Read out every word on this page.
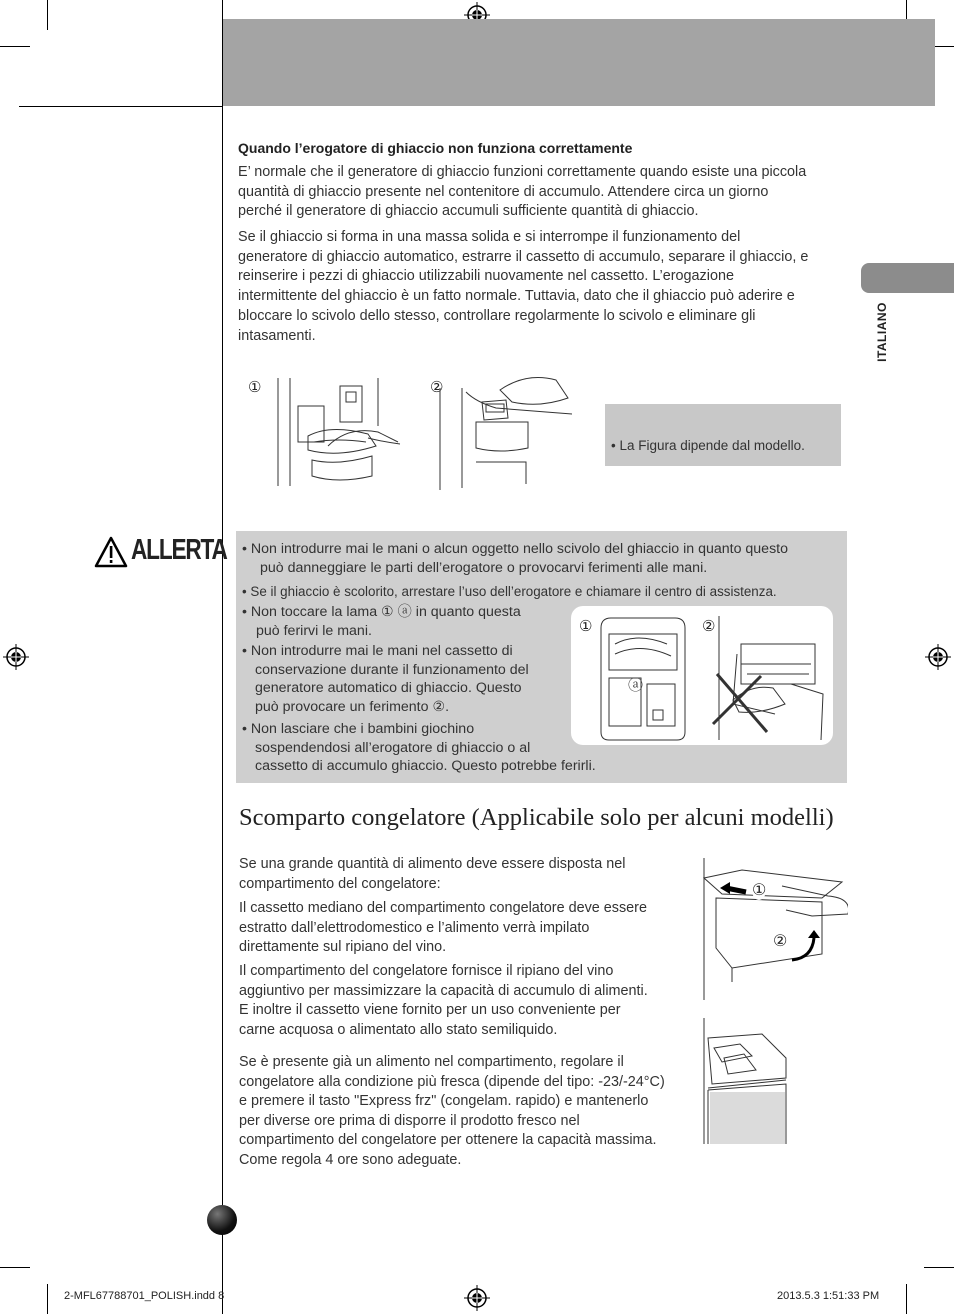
ITALIANO
Quando l’erogatore di ghiaccio non funziona correttamente
E’ normale che il generatore di ghiaccio funzioni correttamente quando esiste una piccola
quantità di ghiaccio presente nel contenitore di accumulo. Attendere circa un giorno
perché il generatore di ghiaccio accumuli sufficiente quantità di ghiaccio.
Se il ghiaccio si forma in una massa solida e si interrompe il funzionamento del
generatore di ghiaccio automatico, estrarre il cassetto di accumulo, separare il ghiaccio, e
reinserire i pezzi di ghiaccio utilizzabili nuovamente nel cassetto. L’erogazione
intermittente del ghiaccio è un fatto normale. Tuttavia, dato che il ghiaccio può aderire e
bloccare lo scivolo dello stesso, controllare regolarmente lo scivolo e eliminare gli
intasamenti.
①	②
• La Figura dipende dal modello.
ALLERTA • Non introdurre mai le mani o alcun oggetto nello scivolo del ghiaccio in quanto questo
può danneggiare le parti dell’erogatore o provocarvi ferimenti alle mani.
• Se il ghiaccio è scolorito, arrestare l’uso dell’erogatore e chiamare il centro di assistenza.
• Non toccare la lama ① ⓐ in quanto questa
può ferirvi le mani.
• Non introdurre mai le mani nel cassetto di
conservazione durante il funzionamento del
generatore automatico di ghiaccio. Questo
può provocare un ferimento ②.
• Non lasciare che i bambini giochino
sospendendosi all’erogatore di ghiaccio o al
cassetto di accumulo ghiaccio. Questo potrebbe ferirli.
①	②
ⓐ
Scomparto congelatore (Applicabile solo per alcuni modelli)
Se una grande quantità di alimento deve essere disposta nel
compartimento del congelatore:
Il cassetto mediano del compartimento congelatore deve essere
estratto dall’elettrodomestico e l’alimento verrà impilato
direttamente sul ripiano del vino.
Il compartimento del congelatore fornisce il ripiano del vino
aggiuntivo per massimizzare la capacità di accumulo di alimenti.
E inoltre il cassetto viene fornito per un uso conveniente per
carne acquosa o alimentato allo stato semiliquido.
Se è presente già un alimento nel compartimento, regolare il
congelatore alla condizione più fresca (dipende del tipo: -23/-24°C)
e premere il tasto "Express frz" (congelam. rapido) e mantenerlo
per diverse ore prima di disporre il prodotto fresco nel
compartimento del congelatore per ottenere la capacità massima.
Come regola 4 ore sono adeguate.
①
②
2-MFL67788701_POLISH.indd 8	2013.5.3 1:51:33 PM
